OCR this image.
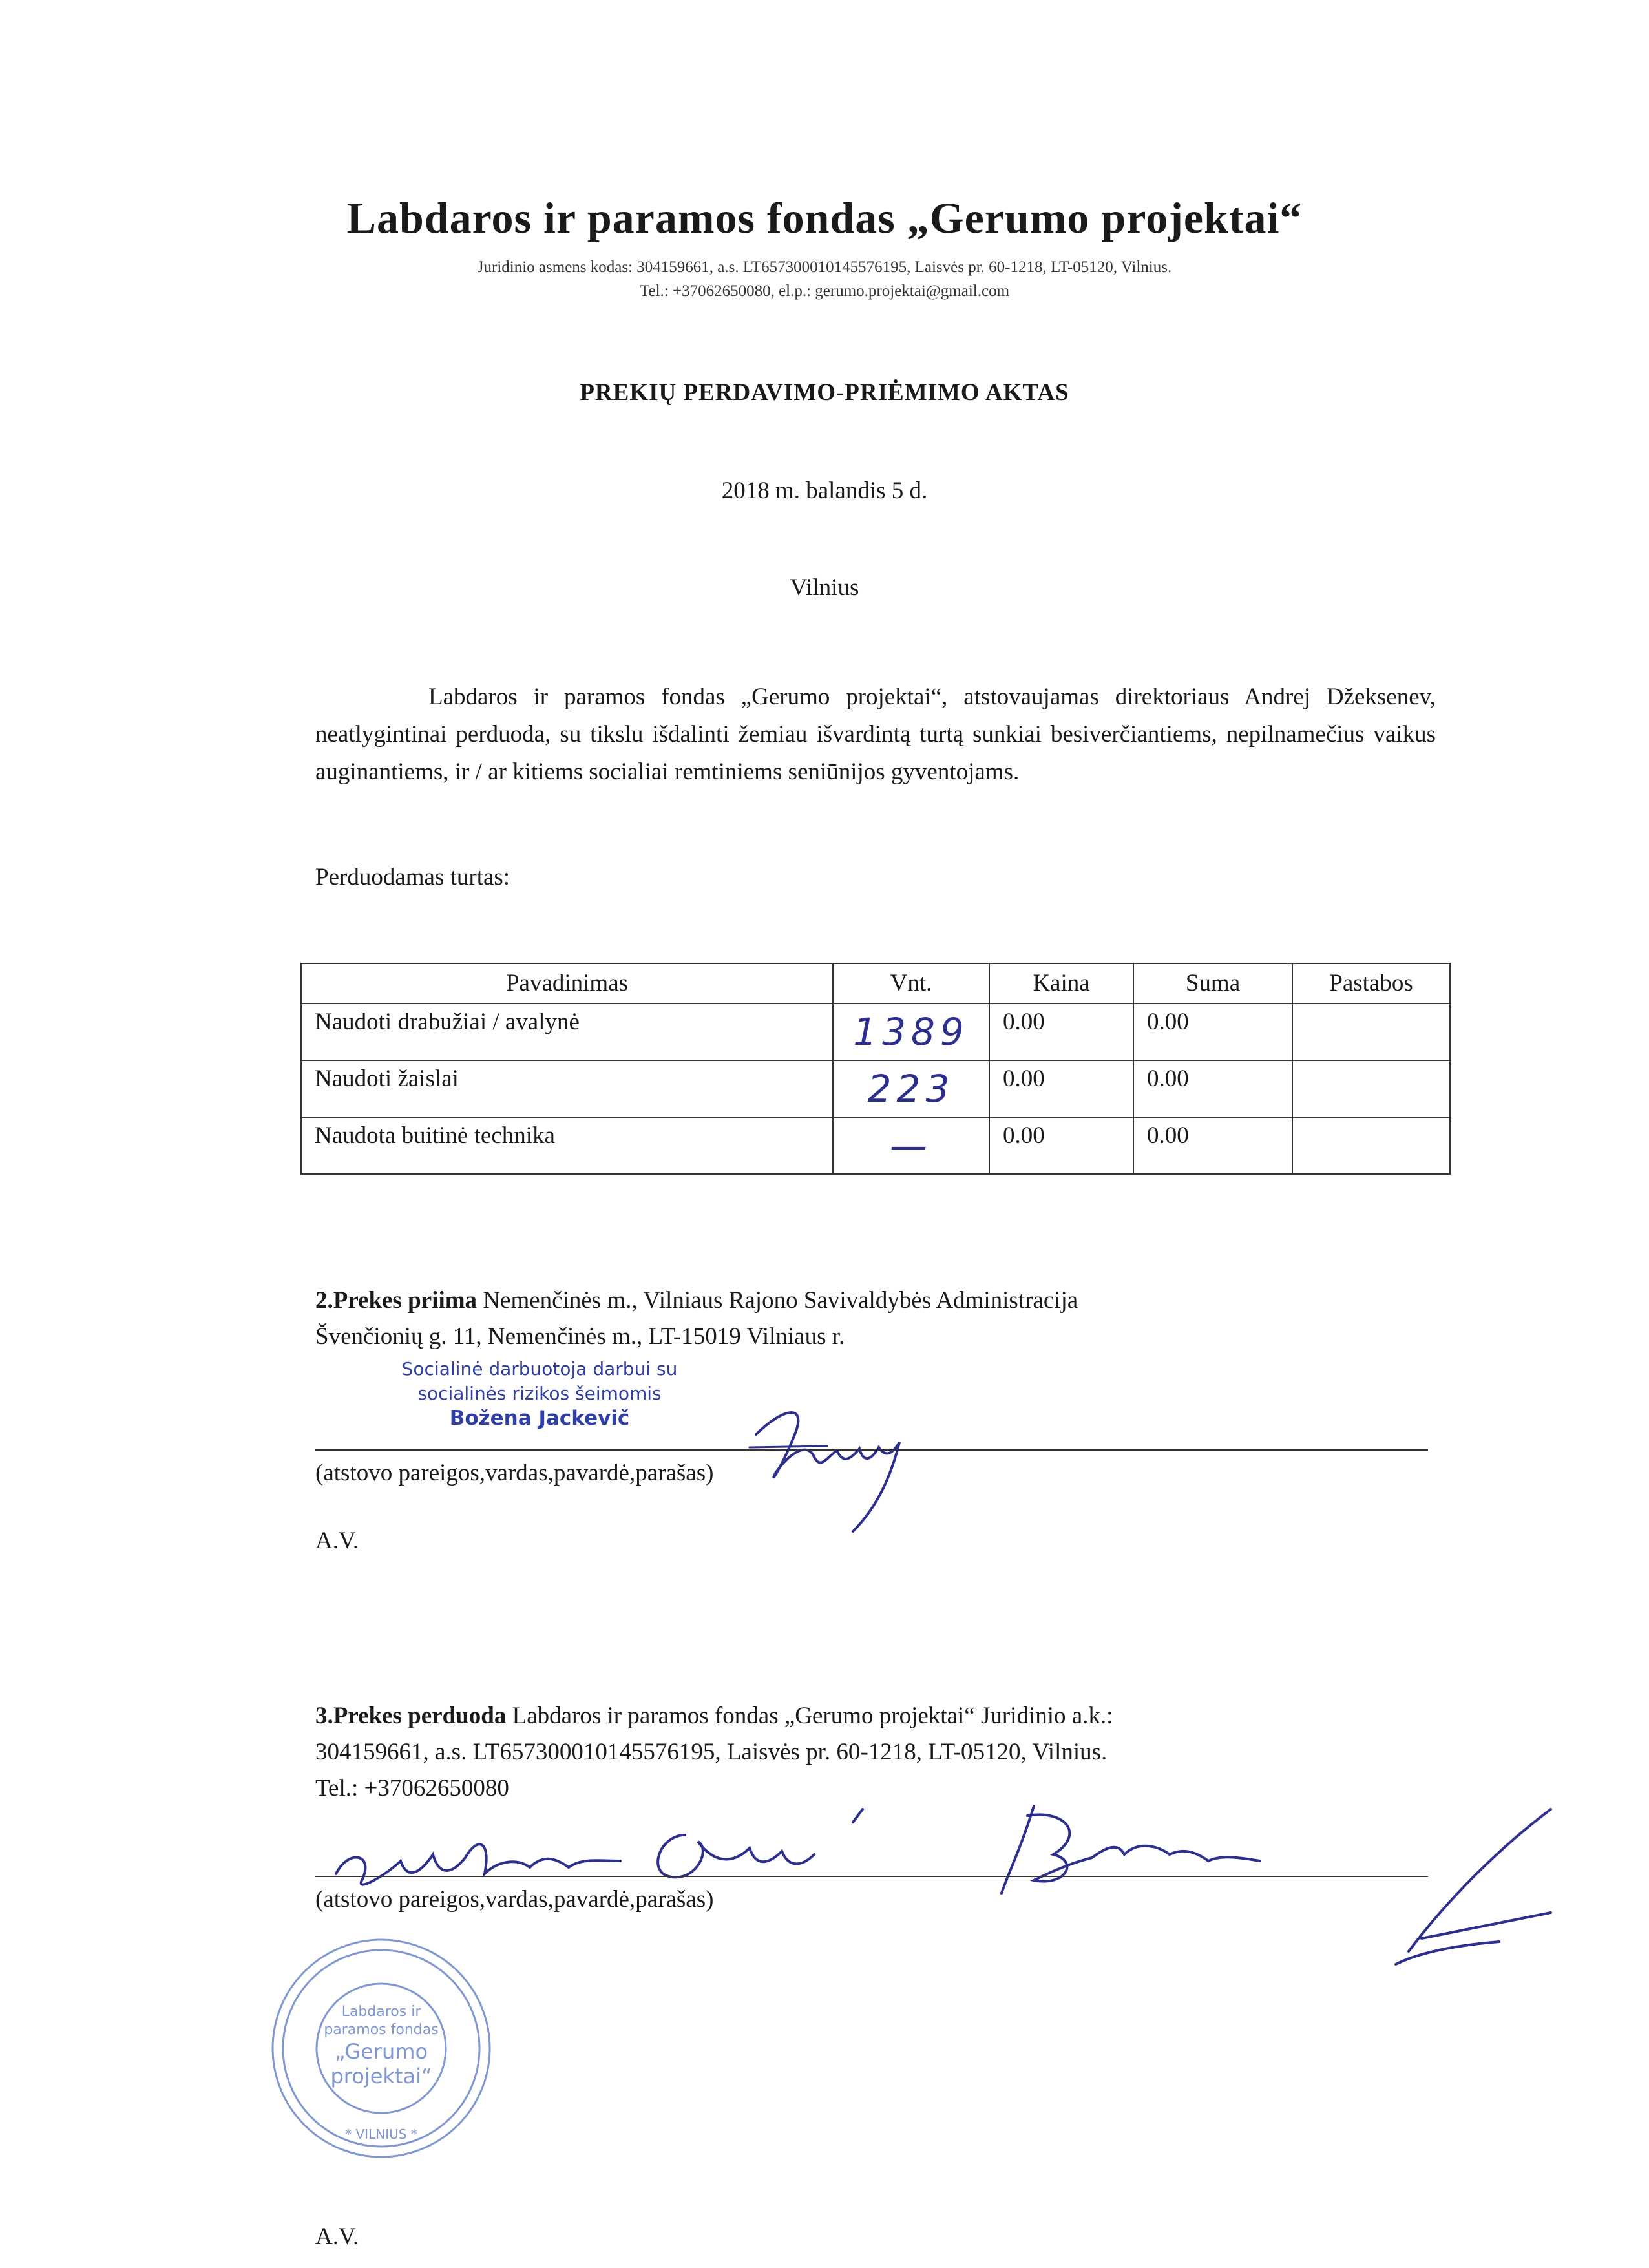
Labdaros ir paramos fondas „Gerumo projektai“
Juridinio asmens kodas: 304159661, a.s. LT657300010145576195, Laisvės pr. 60-1218, LT-05120, Vilnius.
Tel.: +37062650080, el.p.: gerumo.projektai@gmail.com
PREKIŲ PERDAVIMO-PRIĖMIMO AKTAS
2018 m. balandis 5 d.
Vilnius
Labdaros ir paramos fondas „Gerumo projektai“, atstovaujamas direktoriaus Andrej Džeksenev, neatlygintinai perduoda, su tikslu išdalinti žemiau išvardintą turtą sunkiai besiverčiantiems, nepilnamečius vaikus auginantiems, ir / ar kitiems socialiai remtiniems seniūnijos gyventojams.
Perduodamas turtas:
Pavadinimas	Vnt.	Kaina	Suma	Pastabos
Naudoti drabužiai / avalynė	1389	0.00	0.00	
Naudoti žaislai	223	0.00	0.00	
Naudota buitinė technika	—	0.00	0.00	
2.Prekes priima Nemenčinės m., Vilniaus Rajono Savivaldybės Administracija
Švenčionių g. 11, Nemenčinės m., LT-15019 Vilniaus r.
Socialinė darbuotoja darbui su
socialinės rizikos šeimomis
Božena Jackevič
(atstovo pareigos,vardas,pavardė,parašas)
A.V.
3.Prekes perduoda Labdaros ir paramos fondas „Gerumo projektai“ Juridinio a.k.:
304159661, a.s. LT657300010145576195, Laisvės pr. 60-1218, LT-05120, Vilnius.
Tel.: +37062650080
(atstovo pareigos,vardas,pavardė,parašas)
Labdaros ir
paramos fondas
„Gerumo
projektai“
* VILNIUS *
A.V.
